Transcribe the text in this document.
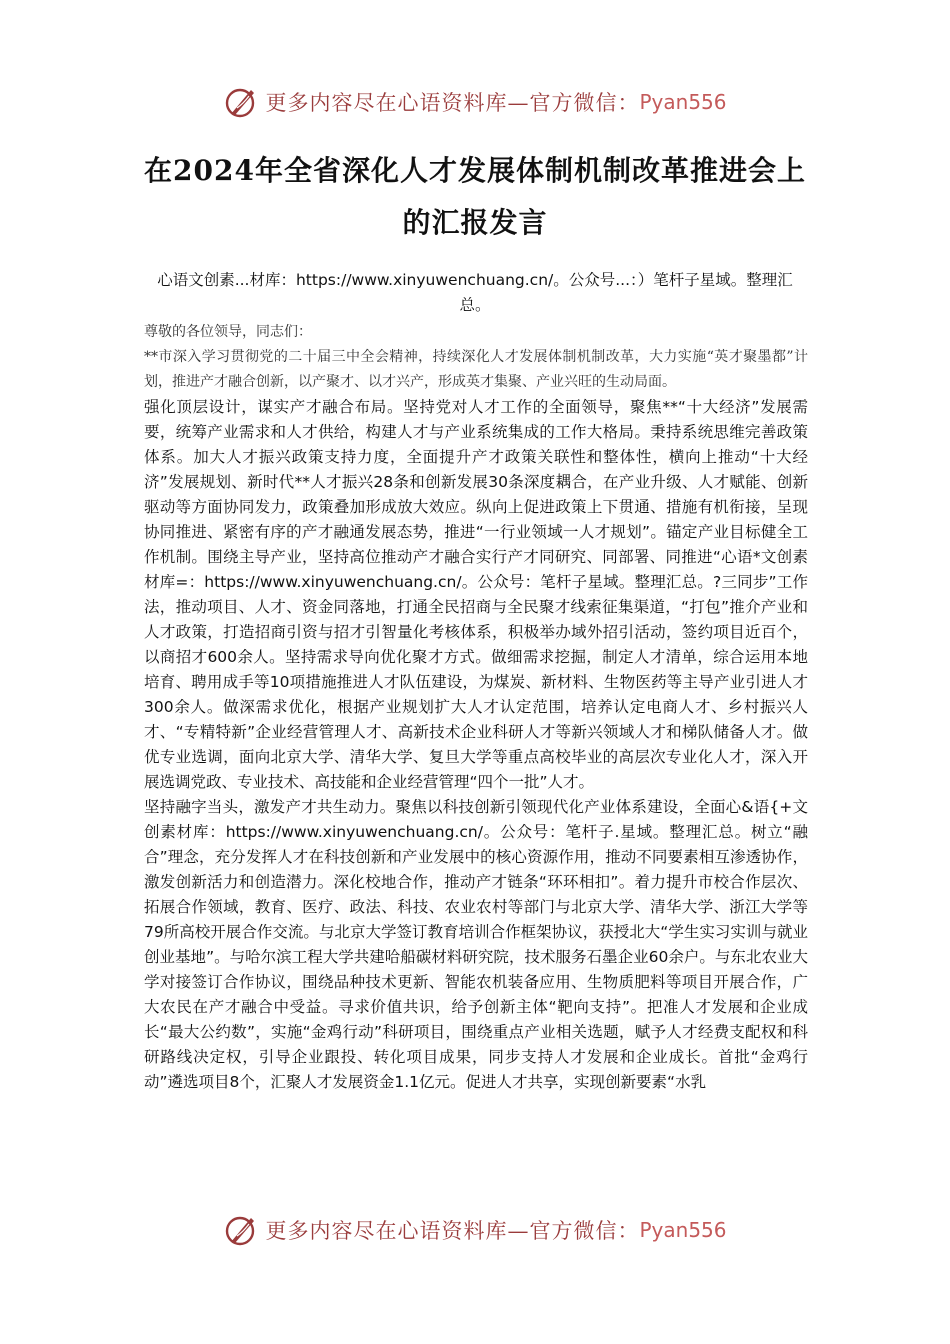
更多内容尽在心语资料库—官方微信： Pyan556
在2024年全省深化人才发展体制机制改革推进会上的汇报发言
心语文创素...材库：https://www.xinyuwenchuang.cn/。公众号...：）笔杆子星域。整理汇总。

尊敬的各位领导，同志们：

**市深入学习贯彻党的二十届三中全会精神，持续深化人才发展体制机制改革，大力实施“英才聚墨都”计划，推进产才融合创新，以产聚才、以才兴产，形成英才集聚、产业兴旺的生动局面。

强化顶层设计，谋实产才融合布局。坚持党对人才工作的全面领导，聚焦**“十大经济”发展需要，统筹产业需求和人才供给，构建人才与产业系统集成的工作大格局。秉持系统思维完善政策体系。加大人才振兴政策支持力度，全面提升产才政策关联性和整体性，横向上推动“十大经济”发展规划、新时代**人才振兴28条和创新发展30条深度耦合，在产业升级、人才赋能、创新驱动等方面协同发力，政策叠加形成放大效应。纵向上促进政策上下贯通、措施有机衔接，呈现协同推进、紧密有序的产才融通发展态势，推进“一行业领域一人才规划”。锚定产业目标健全工作机制。围绕主导产业，坚持高位推动产才融合实行产才同研究、同部署、同推进“心语*文创素材库=：https://www.xinyuwenchuang.cn/。公众号：笔杆子星域。整理汇总。?三同步”工作法，推动项目、人才、资金同落地，打通全民招商与全民聚才线索征集渠道，“打包”推介产业和人才政策，打造招商引资与招才引智量化考核体系，积极举办域外招引活动，签约项目近百个，以商招才600余人。坚持需求导向优化聚才方式。做细需求挖掘，制定人才清单，综合运用本地培育、聘用成手等10项措施推进人才队伍建设，为煤炭、新材料、生物医药等主导产业引进人才300余人。做深需求优化，根据产业规划扩大人才认定范围，培养认定电商人才、乡村振兴人才、“专精特新”企业经营管理人才、高新技术企业科研人才等新兴领域人才和梯队储备人才。做优专业选调，面向北京大学、清华大学、复旦大学等重点高校毕业的高层次专业化人才，深入开展选调党政、专业技术、高技能和企业经营管理“四个一批”人才。

坚持融字当头，激发产才共生动力。聚焦以科技创新引领现代化产业体系建设，全面心&语{+文创素材库：https://www.xinyuwenchuang.cn/。公众号：笔杆子.星域。整理汇总。树立“融合”理念，充分发挥人才在科技创新和产业发展中的核心资源作用，推动不同要素相互渗透协作，激发创新活力和创造潜力。深化校地合作，推动产才链条“环环相扣”。着力提升市校合作层次、拓展合作领域，教育、医疗、政法、科技、农业农村等部门与北京大学、清华大学、浙江大学等79所高校开展合作交流。与北京大学签订教育培训合作框架协议，获授北大“学生实习实训与就业创业基地”。与哈尔滨工程大学共建哈船碳材料研究院，技术服务石墨企业60余户。与东北农业大学对接签订合作协议，围绕品种技术更新、智能农机装备应用、生物质肥料等项目开展合作，广大农民在产才融合中受益。寻求价值共识，给予创新主体“靶向支持”。把准人才发展和企业成长“最大公约数”，实施“金鸡行动”科研项目，围绕重点产业相关选题，赋予人才经费支配权和科研路线决定权，引导企业跟投、转化项目成果，同步支持人才发展和企业成长。首批“金鸡行动”遴选项目8个，汇聚人才发展资金1.1亿元。促进人才共享，实现创新要素“水乳

更多内容尽在心语资料库—官方微信： Pyan556
